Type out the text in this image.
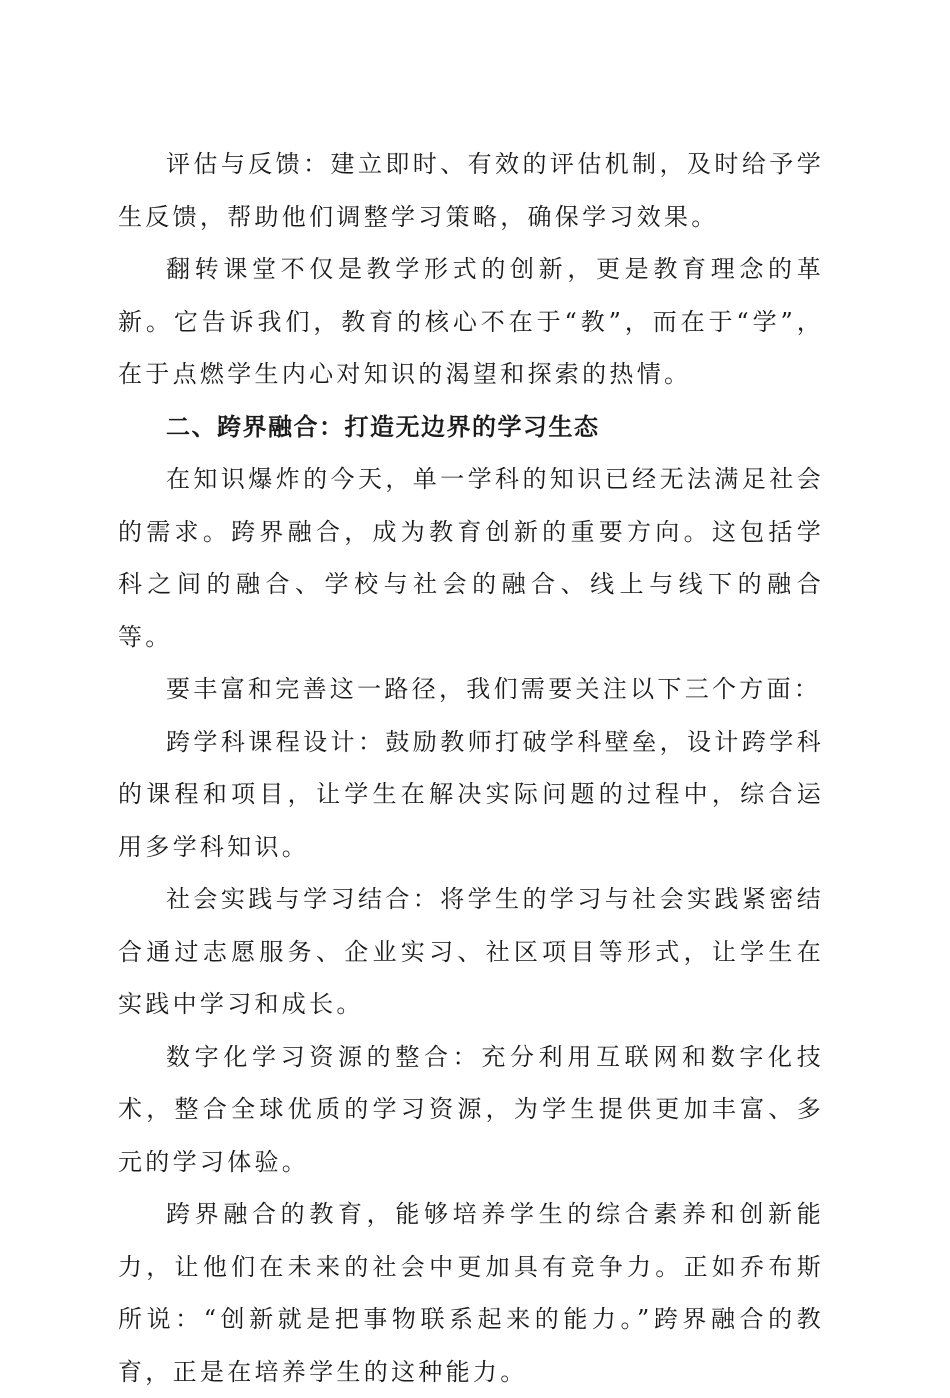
评估与反馈：建立即时、有效的评估机制，及时给予学生反馈，帮助他们调整学习策略，确保学习效果。

翻转课堂不仅是教学形式的创新，更是教育理念的革新。它告诉我们，教育的核心不在于“教”，而在于“学”，在于点燃学生内心对知识的渴望和探索的热情。

二、跨界融合：打造无边界的学习生态

在知识爆炸的今天，单一学科的知识已经无法满足社会的需求。跨界融合，成为教育创新的重要方向。这包括学科之间的融合、学校与社会的融合、线上与线下的融合等。

要丰富和完善这一路径，我们需要关注以下三个方面：

跨学科课程设计：鼓励教师打破学科壁垒，设计跨学科的课程和项目，让学生在解决实际问题的过程中，综合运用多学科知识。

社会实践与学习结合：将学生的学习与社会实践紧密结合通过志愿服务、企业实习、社区项目等形式，让学生在实践中学习和成长。

数字化学习资源的整合：充分利用互联网和数字化技术，整合全球优质的学习资源，为学生提供更加丰富、多元的学习体验。

跨界融合的教育，能够培养学生的综合素养和创新能力，让他们在未来的社会中更加具有竞争力。正如乔布斯所说：“创新就是把事物联系起来的能力。”跨界融合的教育，正是在培养学生的这种能力。
